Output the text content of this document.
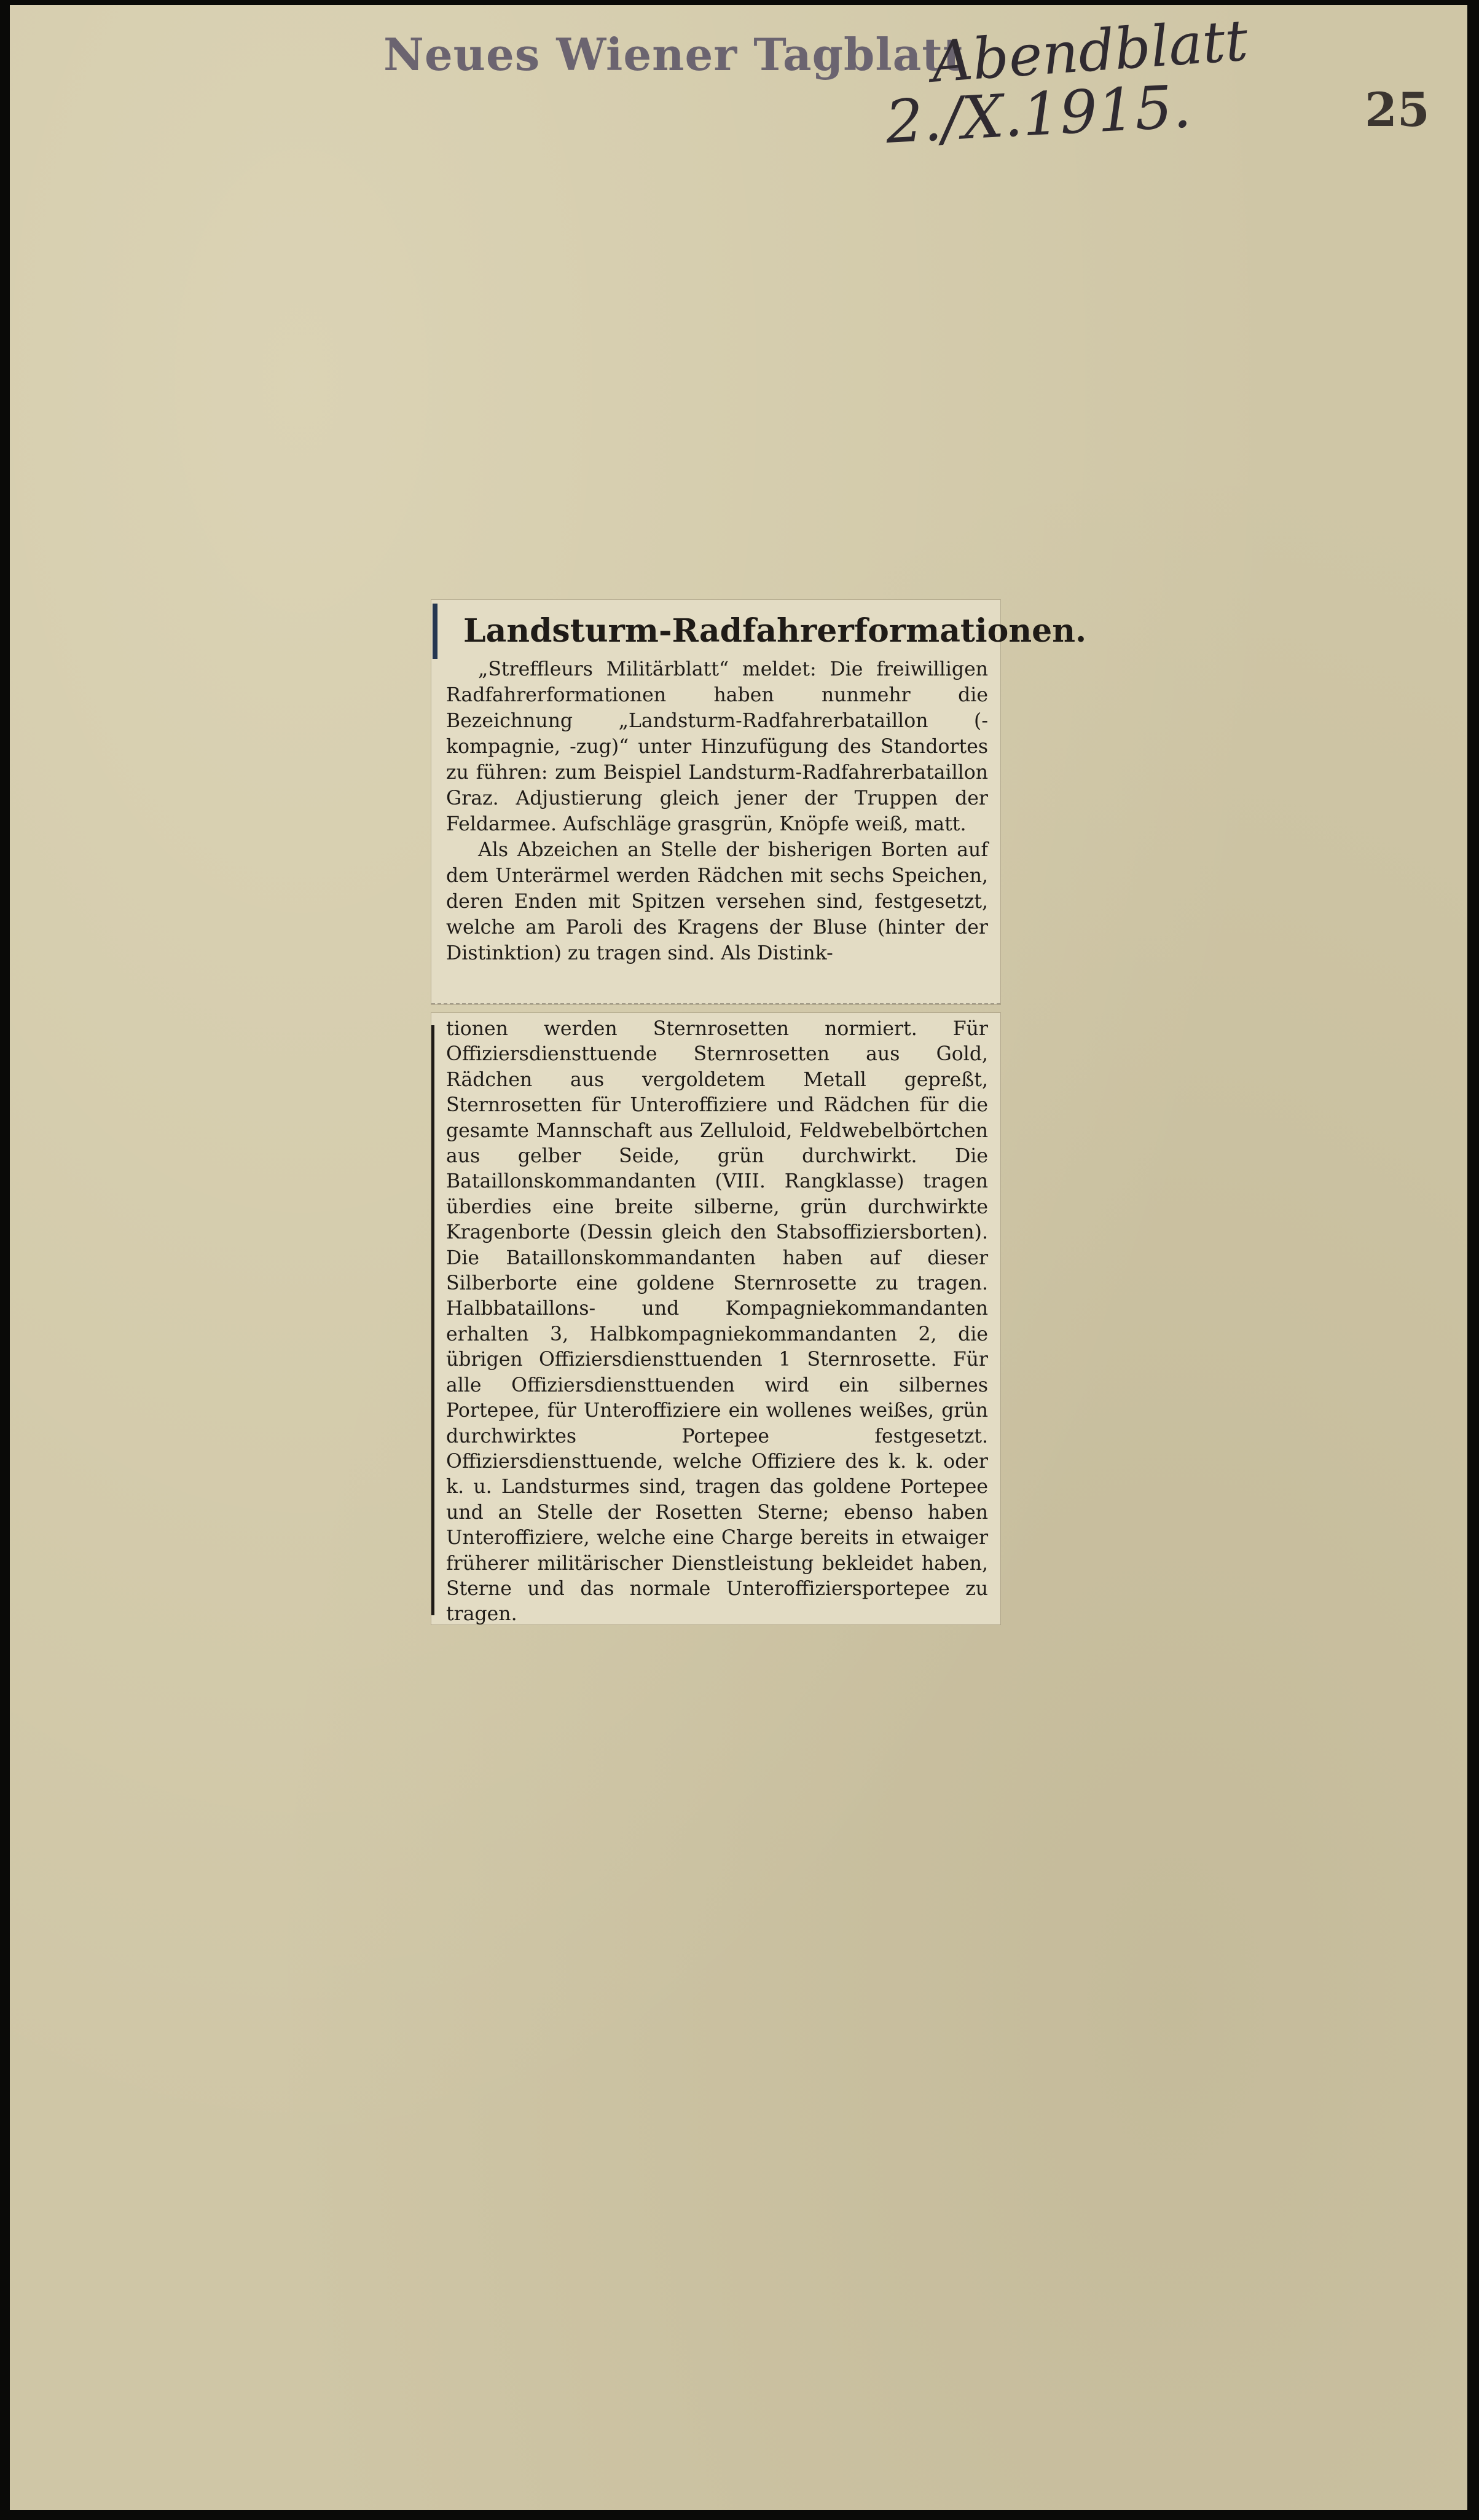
Neues Wiener Tagblatt
Abendblatt
2./X.1915.	25
Landsturm-Radfahrerformationen.

„Streffleurs Militärblatt“ meldet: Die freiwilligen Radfahrerformationen haben nunmehr die Bezeichnung „Landsturm-Radfahrerbataillon (-kompagnie, -zug)“ unter Hinzufügung des Standortes zu führen: zum Beispiel Landsturm-Radfahrerbataillon Graz. Adjustierung gleich jener der Truppen der Feldarmee. Aufschläge grasgrün, Knöpfe weiß, matt.

Als Abzeichen an Stelle der bisherigen Borten auf dem Unterärmel werden Rädchen mit sechs Speichen, deren Enden mit Spitzen versehen sind, festgesetzt, welche am Paroli des Kragens der Bluse (hinter der Distinktion) zu tragen sind. Als Distink-

tionen werden Sternrosetten normiert. Für Offiziersdiensttuende Sternrosetten aus Gold, Rädchen aus vergoldetem Metall gepreßt, Sternrosetten für Unteroffiziere und Rädchen für die gesamte Mannschaft aus Zelluloid, Feldwebelbörtchen aus gelber Seide, grün durchwirkt. Die Bataillonskommandanten (VIII. Rangklasse) tragen überdies eine breite silberne, grün durchwirkte Kragenborte (Dessin gleich den Stabsoffiziersborten). Die Bataillonskommandanten haben auf dieser Silberborte eine goldene Sternrosette zu tragen. Halbbataillons- und Kompagniekommandanten erhalten 3, Halbkompagniekommandanten 2, die übrigen Offiziersdiensttuenden 1 Sternrosette. Für alle Offiziersdiensttuenden wird ein silbernes Portepee, für Unteroffiziere ein wollenes weißes, grün durchwirktes Portepee festgesetzt. Offiziersdiensttuende, welche Offiziere des k. k. oder k. u. Landsturmes sind, tragen das goldene Portepee und an Stelle der Rosetten Sterne; ebenso haben Unteroffiziere, welche eine Charge bereits in etwaiger früherer militärischer Dienstleistung bekleidet haben, Sterne und das normale Unteroffiziersportepee zu tragen.
